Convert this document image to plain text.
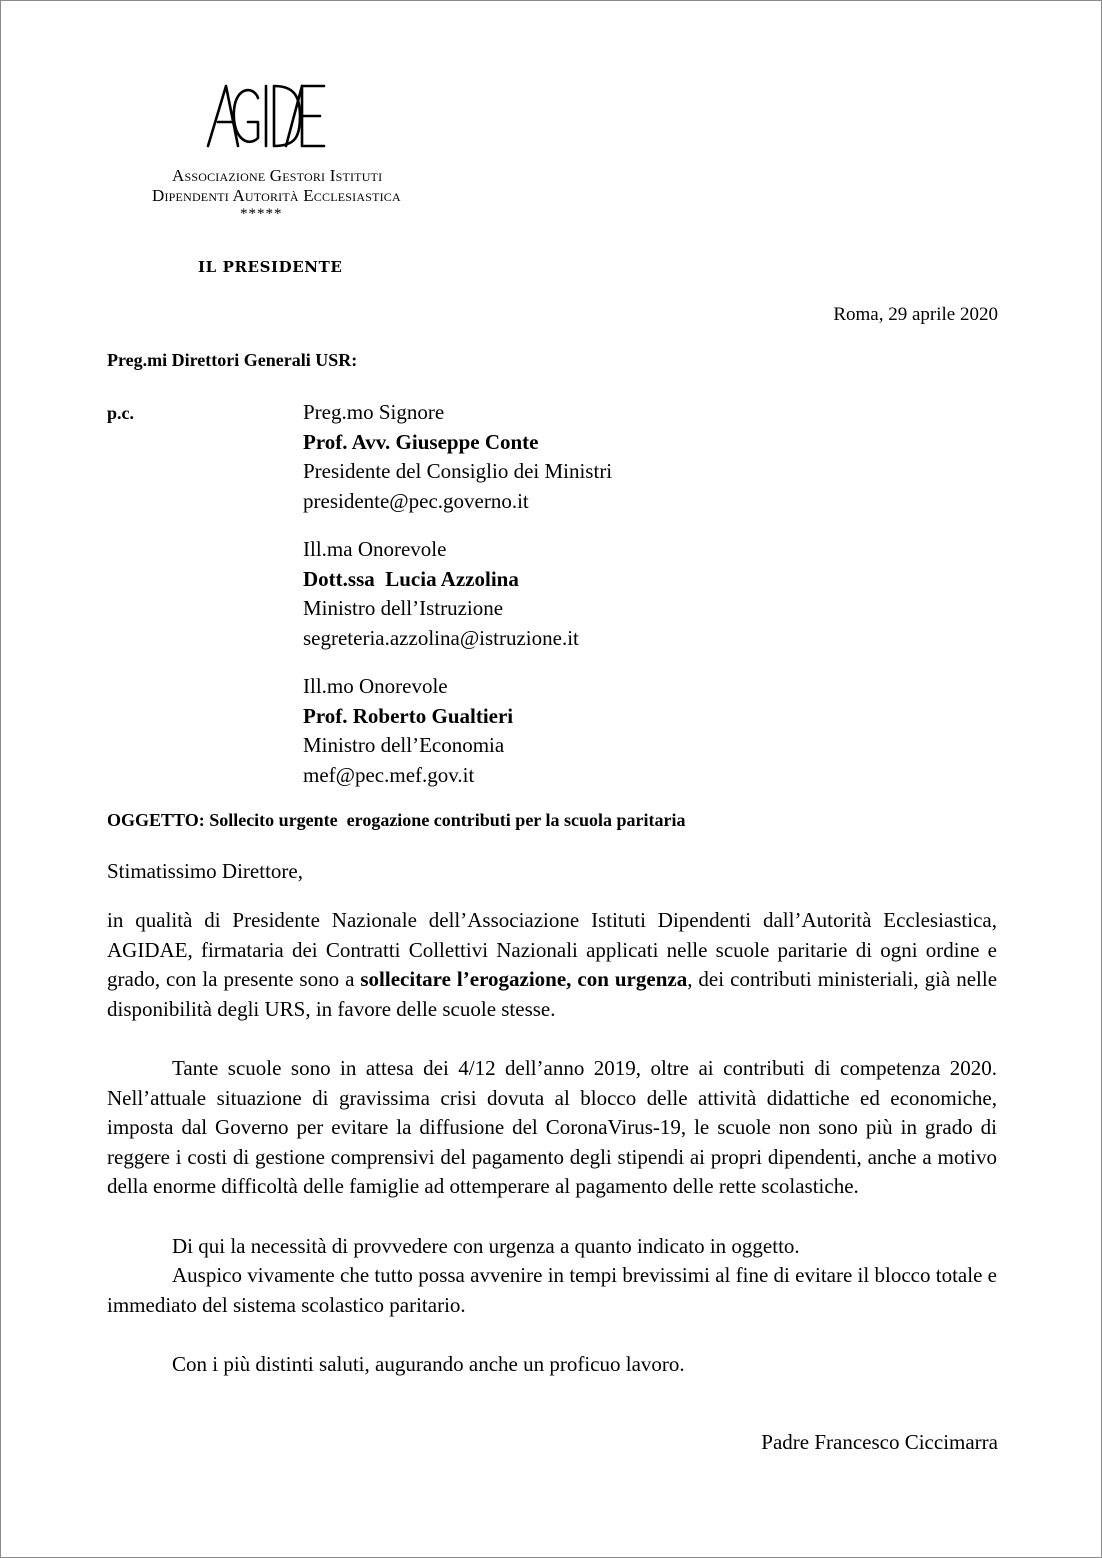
Associazione Gestori Istituti
Dipendenti Autorità Ecclesiastica
*****
IL PRESIDENTE
Roma, 29 aprile 2020
Preg.mi Direttori Generali USR:
p.c.	Preg.mo Signore
Prof. Avv. Giuseppe Conte
Presidente del Consiglio dei Ministri
presidente@pec.governo.it
Ill.ma Onorevole
Dott.ssa  Lucia Azzolina
Ministro dell’Istruzione
segreteria.azzolina@istruzione.it
Ill.mo Onorevole
Prof. Roberto Gualtieri
Ministro dell’Economia
mef@pec.mef.gov.it
OGGETTO: Sollecito urgente  erogazione contributi per la scuola paritaria
Stimatissimo Direttore,
in qualità di Presidente Nazionale dell’Associazione Istituti Dipendenti dall’Autorità Ecclesiastica, AGIDAE, firmataria dei Contratti Collettivi Nazionali applicati nelle scuole paritarie di ogni ordine e grado, con la presente sono a sollecitare l’erogazione, con urgenza, dei contributi ministeriali, già nelle disponibilità degli URS, in favore delle scuole stesse.
Tante scuole sono in attesa dei 4/12 dell’anno 2019, oltre ai contributi di competenza 2020. Nell’attuale situazione di gravissima crisi dovuta al blocco delle attività didattiche ed economiche, imposta dal Governo per evitare la diffusione del CoronaVirus-19, le scuole non sono più in grado di reggere i costi di gestione comprensivi del pagamento degli stipendi ai propri dipendenti, anche a motivo della enorme difficoltà delle famiglie ad ottemperare al pagamento delle rette scolastiche.
Di qui la necessità di provvedere con urgenza a quanto indicato in oggetto.
Auspico vivamente che tutto possa avvenire in tempi brevissimi al fine di evitare il blocco totale e immediato del sistema scolastico paritario.
Con i più distinti saluti, augurando anche un proficuo lavoro.
Padre Francesco Ciccimarra
